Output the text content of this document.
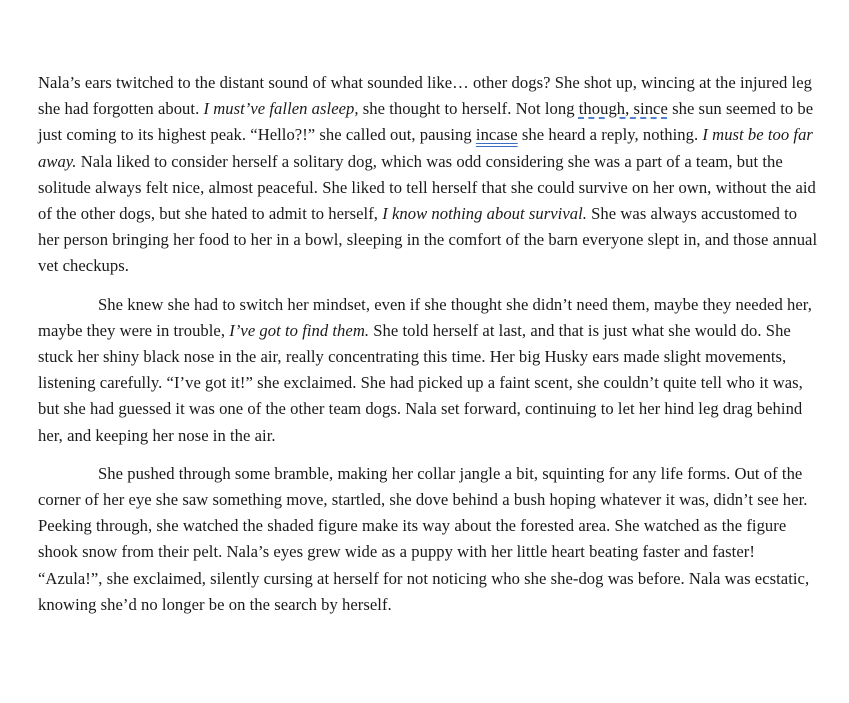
Nala’s ears twitched to the distant sound of what sounded like… other dogs? She shot up, wincing at the injured leg she had forgotten about. I must’ve fallen asleep, she thought to herself. Not long though, since she sun seemed to be just coming to its highest peak. “Hello?!” she called out, pausing incase she heard a reply, nothing. I must be too far away. Nala liked to consider herself a solitary dog, which was odd considering she was a part of a team, but the solitude always felt nice, almost peaceful. She liked to tell herself that she could survive on her own, without the aid of the other dogs, but she hated to admit to herself, I know nothing about survival. She was always accustomed to her person bringing her food to her in a bowl, sleeping in the comfort of the barn everyone slept in, and those annual vet checkups.

She knew she had to switch her mindset, even if she thought she didn’t need them, maybe they needed her, maybe they were in trouble, I’ve got to find them. She told herself at last, and that is just what she would do. She stuck her shiny black nose in the air, really concentrating this time. Her big Husky ears made slight movements, listening carefully. “I’ve got it!” she exclaimed. She had picked up a faint scent, she couldn’t quite tell who it was, but she had guessed it was one of the other team dogs. Nala set forward, continuing to let her hind leg drag behind her, and keeping her nose in the air.

She pushed through some bramble, making her collar jangle a bit, squinting for any life forms. Out of the corner of her eye she saw something move, startled, she dove behind a bush hoping whatever it was, didn’t see her. Peeking through, she watched the shaded figure make its way about the forested area. She watched as the figure shook snow from their pelt. Nala’s eyes grew wide as a puppy with her little heart beating faster and faster! “Azula!”, she exclaimed, silently cursing at herself for not noticing who she she-dog was before. Nala was ecstatic, knowing she’d no longer be on the search by herself.
